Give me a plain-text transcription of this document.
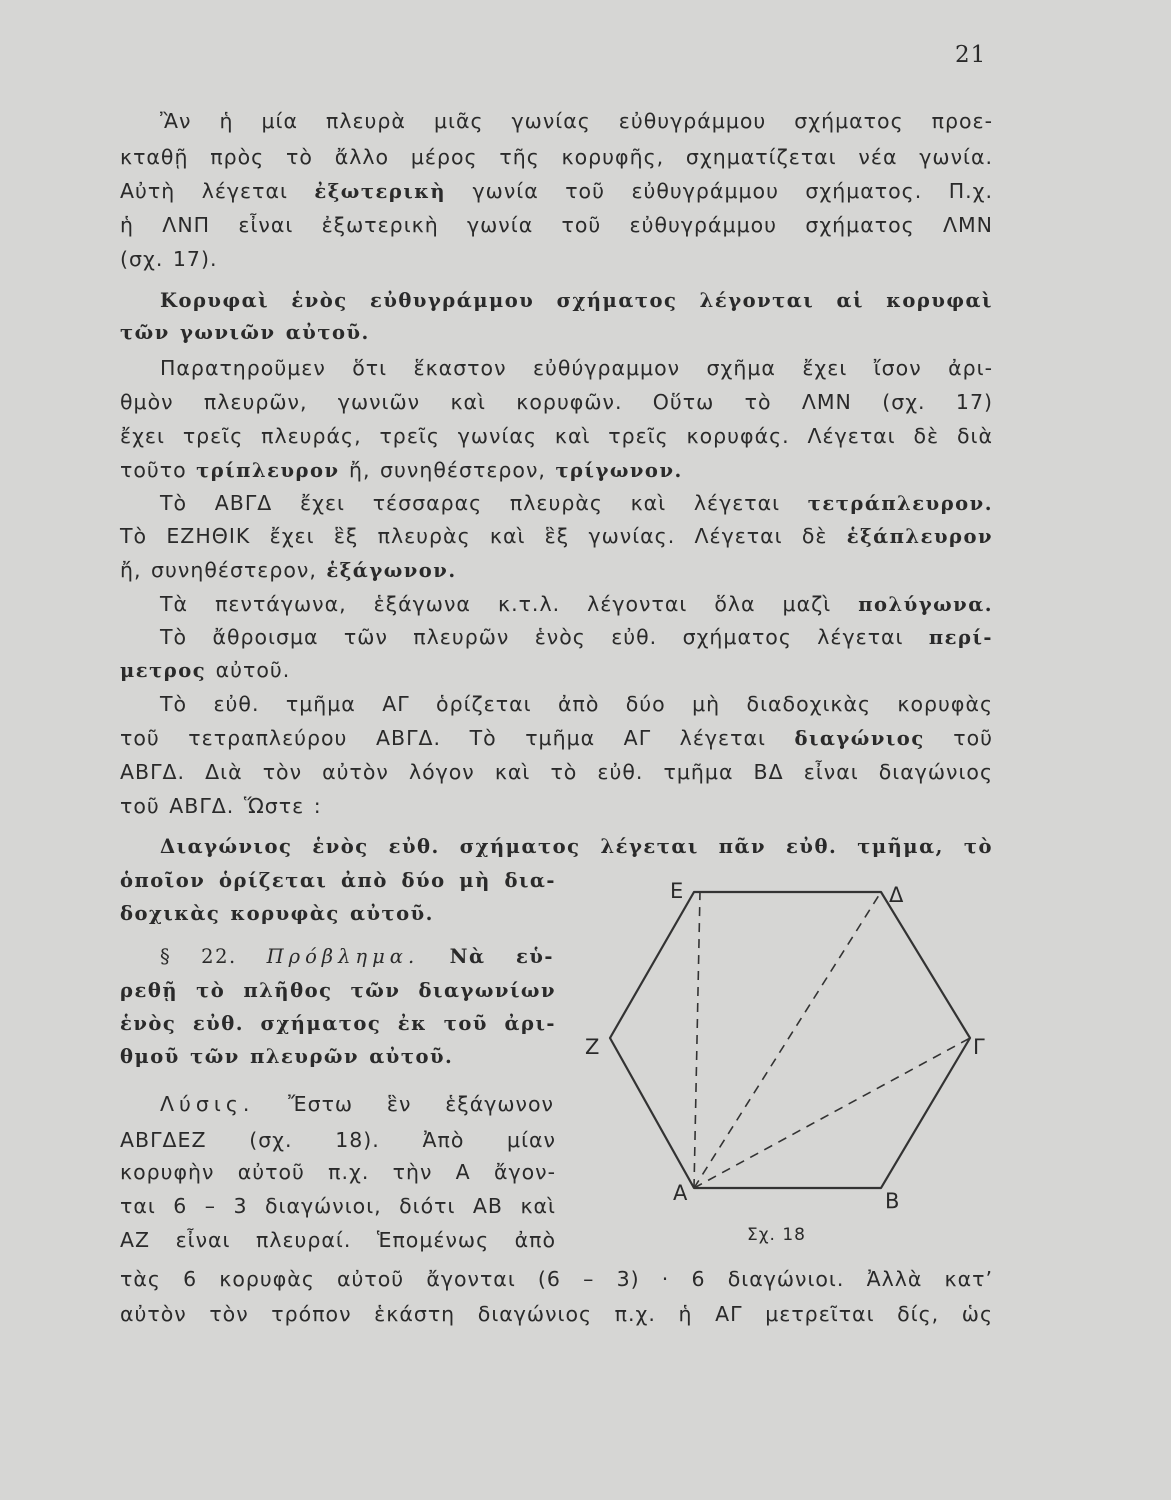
21
Ἂν ἡ μία πλευρὰ μιᾶς γωνίας εὐθυγράμμου σχήματος προε-
κταθῇ πρὸς τὸ ἄλλο μέρος τῆς κορυφῆς, σχηματίζεται νέα γωνία.
Αὐτὴ λέγεται ἐξωτερικὴ γωνία τοῦ εὐθυγράμμου σχήματος. Π.χ.
ἡ ΛΝΠ εἶναι ἐξωτερικὴ γωνία τοῦ εὐθυγράμμου σχήματος ΛΜΝ
(σχ. 17).
Κορυφαὶ ἑνὸς εὐθυγράμμου σχήματος λέγονται αἱ κορυφαὶ
τῶν γωνιῶν αὐτοῦ.
Παρατηροῦμεν ὅτι ἕκαστον εὐθύγραμμον σχῆμα ἔχει ἴσον ἀρι-
θμὸν πλευρῶν, γωνιῶν καὶ κορυφῶν. Οὕτω τὸ ΛΜΝ (σχ. 17)
ἔχει τρεῖς πλευράς, τρεῖς γωνίας καὶ τρεῖς κορυφάς. Λέγεται δὲ διὰ
τοῦτο τρίπλευρον ἤ, συνηθέστερον, τρίγωνον.
Τὸ ΑΒΓΔ ἔχει τέσσαρας πλευρὰς καὶ λέγεται τετράπλευρον.
Τὸ ΕΖΗΘΙΚ ἔχει ἓξ πλευρὰς καὶ ἓξ γωνίας. Λέγεται δὲ ἑξάπλευρον
ἤ, συνηθέστερον, ἑξάγωνον.
Τὰ πεντάγωνα, ἑξάγωνα κ.τ.λ. λέγονται ὅλα μαζὶ πολύγωνα.
Τὸ ἄθροισμα τῶν πλευρῶν ἑνὸς εὐθ. σχήματος λέγεται περί-
μετρος αὐτοῦ.
Τὸ εὐθ. τμῆμα ΑΓ ὁρίζεται ἀπὸ δύο μὴ διαδοχικὰς κορυφὰς
τοῦ τετραπλεύρου ΑΒΓΔ. Τὸ τμῆμα ΑΓ λέγεται διαγώνιος τοῦ
ΑΒΓΔ. Διὰ τὸν αὐτὸν λόγον καὶ τὸ εὐθ. τμῆμα ΒΔ εἶναι διαγώνιος
τοῦ ΑΒΓΔ. Ὥστε :
Διαγώνιος ἑνὸς εὐθ. σχήματος λέγεται πᾶν εὐθ. τμῆμα, τὸ
ὁποῖον ὁρίζεται ἀπὸ δύο μὴ δια-
δοχικὰς κορυφὰς αὐτοῦ.
§ 22. Πρόβλημα. Νὰ εὑ-
ρεθῇ τὸ πλῆθος τῶν διαγωνίων
ἑνὸς εὐθ. σχήματος ἐκ τοῦ ἀρι-
θμοῦ τῶν πλευρῶν αὐτοῦ.
Λύσις. Ἔστω ἓν ἑξάγωνον
ΑΒΓΔΕΖ (σχ. 18). Ἀπὸ μίαν
κορυφὴν αὐτοῦ π.χ. τὴν Α ἄγον-
ται 6 – 3 διαγώνιοι, διότι ΑΒ καὶ
ΑΖ εἶναι πλευραί. Ἑπομένως ἀπὸ
τὰς 6 κορυφὰς αὐτοῦ ἄγονται (6 – 3) · 6 διαγώνιοι. Ἀλλὰ κατ’
αὐτὸν τὸν τρόπον ἑκάστη διαγώνιος π.χ. ἡ ΑΓ μετρεῖται δίς, ὡς
Ε	Δ
Ζ	Γ
Α	Β
Σχ. 18
